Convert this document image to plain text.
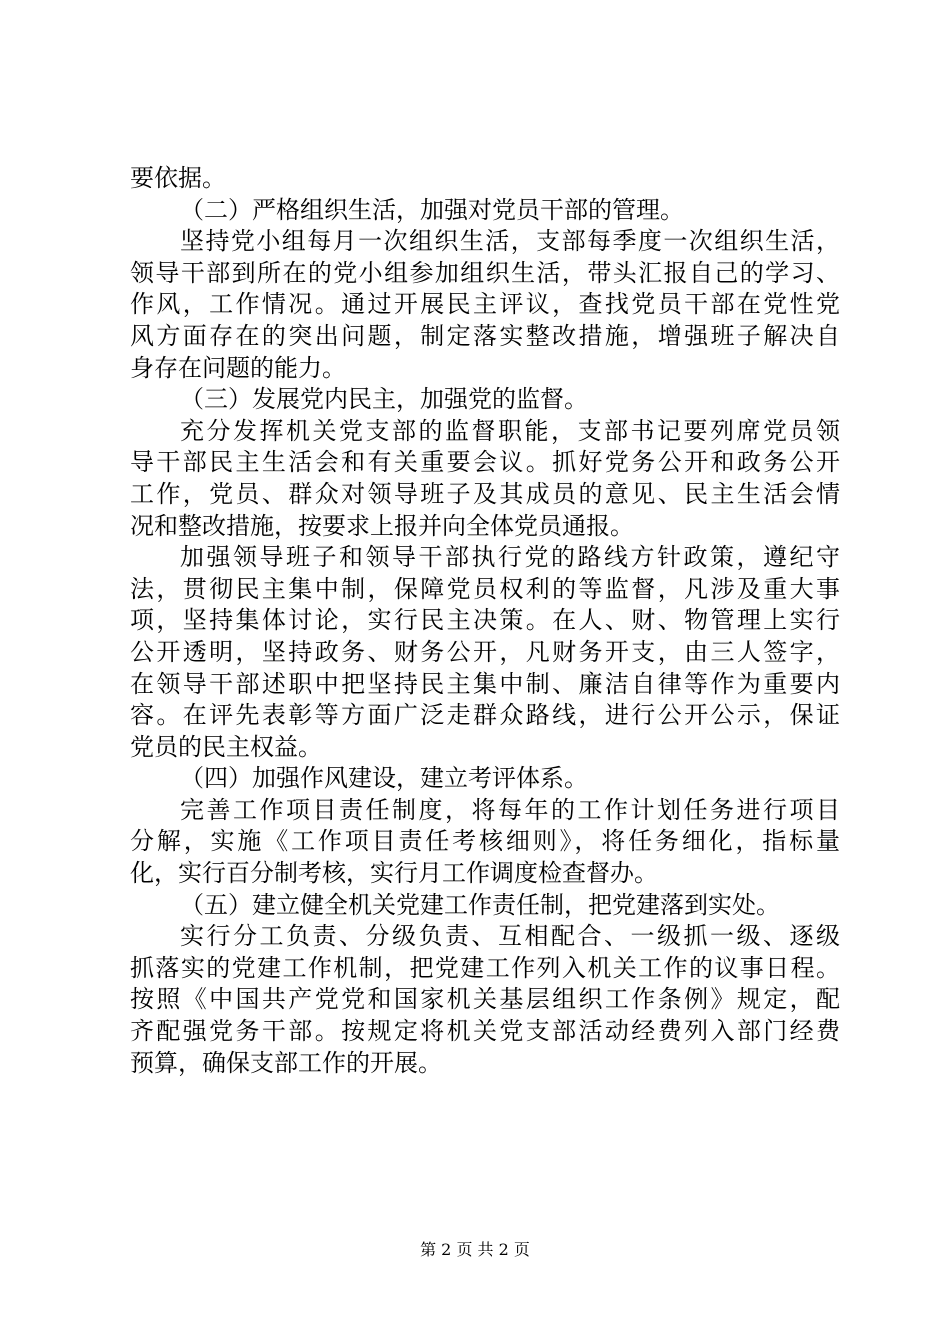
要依据。
（二）严格组织生活，加强对党员干部的管理。
坚持党小组每月一次组织生活，支部每季度一次组织生活，
领导干部到所在的党小组参加组织生活，带头汇报自己的学习、
作风，工作情况。通过开展民主评议，查找党员干部在党性党
风方面存在的突出问题，制定落实整改措施，增强班子解决自
身存在问题的能力。
（三）发展党内民主，加强党的监督。
充分发挥机关党支部的监督职能，支部书记要列席党员领
导干部民主生活会和有关重要会议。抓好党务公开和政务公开
工作，党员、群众对领导班子及其成员的意见、民主生活会情
况和整改措施，按要求上报并向全体党员通报。
加强领导班子和领导干部执行党的路线方针政策，遵纪守
法，贯彻民主集中制，保障党员权利的等监督，凡涉及重大事
项，坚持集体讨论，实行民主决策。在人、财、物管理上实行
公开透明，坚持政务、财务公开，凡财务开支，由三人签字，
在领导干部述职中把坚持民主集中制、廉洁自律等作为重要内
容。在评先表彰等方面广泛走群众路线，进行公开公示，保证
党员的民主权益。
（四）加强作风建设，建立考评体系。
完善工作项目责任制度，将每年的工作计划任务进行项目
分解，实施《工作项目责任考核细则》，将任务细化，指标量
化，实行百分制考核，实行月工作调度检查督办。
（五）建立健全机关党建工作责任制，把党建落到实处。
实行分工负责、分级负责、互相配合、一级抓一级、逐级
抓落实的党建工作机制，把党建工作列入机关工作的议事日程。
按照《中国共产党党和国家机关基层组织工作条例》规定，配
齐配强党务干部。按规定将机关党支部活动经费列入部门经费
预算，确保支部工作的开展。
第 2 页 共 2 页
